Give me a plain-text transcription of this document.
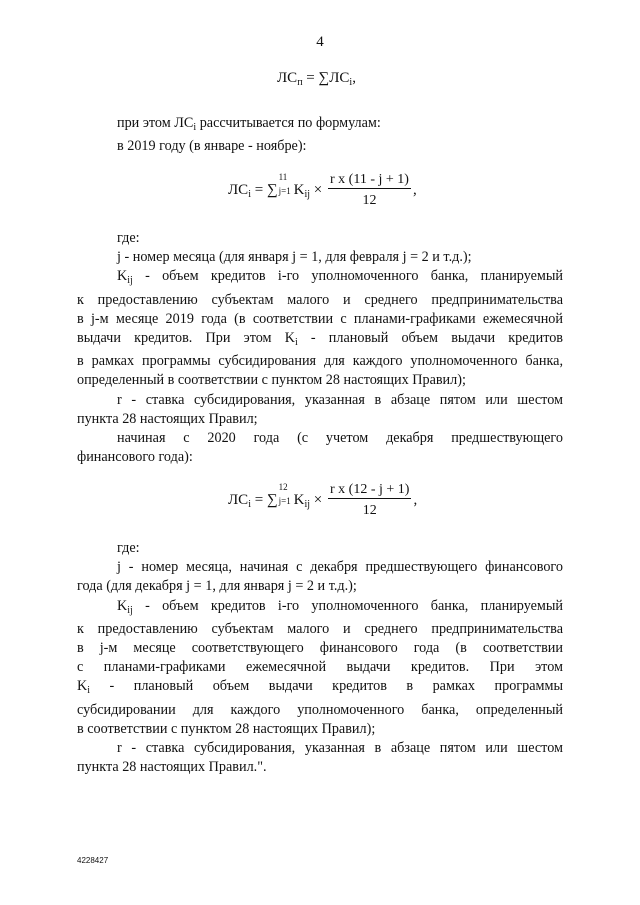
4
$ЛС_п = \sum ЛС_i$,
при этом $ЛС_i$ рассчитывается по формулам:
в 2019 году (в январе - ноябре):
$ЛС_i$ = ∑
11
j=1 $K_{ij} \times \frac{\text{r x (11 - j + 1)}}{12}$ ,
где:
j - номер месяца (для января j = 1, для февраля j = 2 и т.д.);
$K_{ij}$ - объем кредитов i-го уполномоченного банка, планируемый
к предоставлению субъектам малого и среднего предпринимательства
в j-м месяце 2019 года (в соответствии с планами-графиками ежемесячной
выдачи кредитов. При этом $K_i$ - плановый объем выдачи кредитов
в рамках программы субсидирования для каждого уполномоченного банка,
определенный в соответствии с пунктом 28 настоящих Правил);
r - ставка субсидирования, указанная в абзаце пятом или шестом
пункта 28 настоящих Правил;
начиная с 2020 года (с учетом декабря предшествующего
финансового года):
$ЛС_i$ = ∑
12
j=1 $K_{ij} \times \frac{\text{r x (12 - j + 1)}}{12}$ ,
где:
j - номер месяца, начиная с декабря предшествующего финансового
года (для декабря j = 1, для января j = 2 и т.д.);
$K_{ij}$ - объем кредитов i-го уполномоченного банка, планируемый
к предоставлению субъектам малого и среднего предпринимательства
в j-м месяце соответствующего финансового года (в соответствии
с планами-графиками ежемесячной выдачи кредитов. При этом
$K_i$ - плановый объем выдачи кредитов в рамках программы
субсидировании для каждого уполномоченного банка, определенный
в соответствии с пунктом 28 настоящих Правил);
r - ставка субсидирования, указанная в абзаце пятом или шестом
пункта 28 настоящих Правил.".
4228427
